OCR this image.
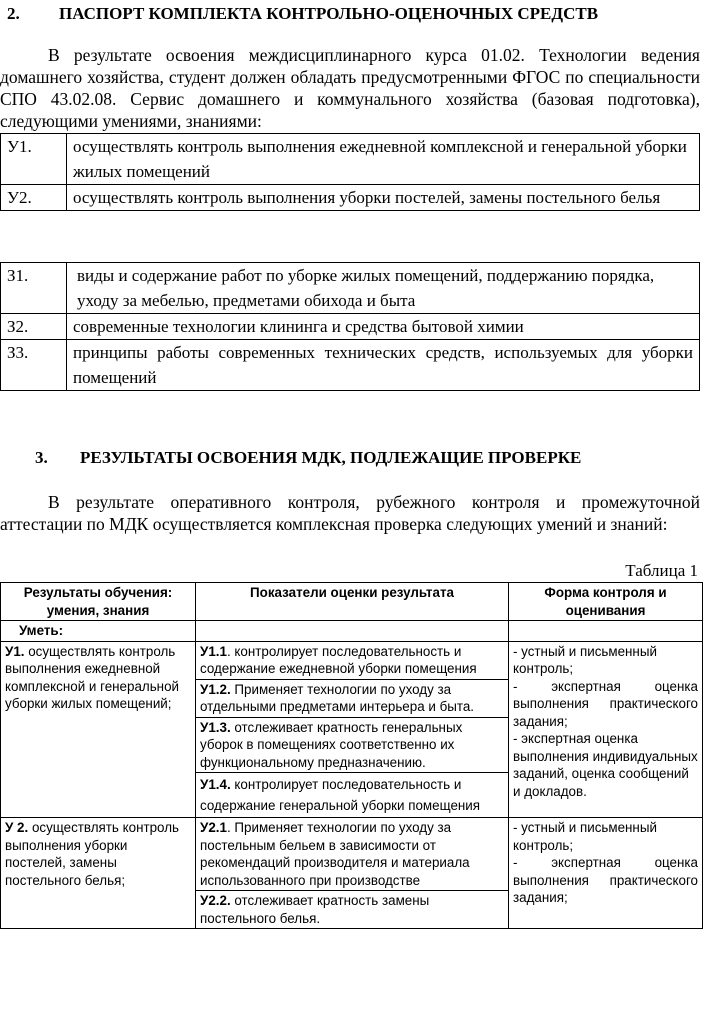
2. ПАСПОРТ КОМПЛЕКТА КОНТРОЛЬНО-ОЦЕНОЧНЫХ СРЕДСТВ
В результате освоения междисциплинарного курса 01.02. Технологии ведения домашнего хозяйства, студент должен обладать предусмотренными ФГОС по специальности СПО 43.02.08. Сервис домашнего и коммунального хозяйства (базовая подготовка), следующими умениями, знаниями:
У1.	осуществлять контроль выполнения ежедневной комплексной и генеральной уборки жилых помещений
У2.	осуществлять контроль выполнения уборки постелей, замены постельного белья
З1.	виды и содержание работ по уборке жилых помещений, поддержанию порядка, уходу за мебелью, предметами обихода и быта
З2.	современные технологии клининга и средства бытовой химии
З3.	принципы работы современных технических средств, используемых для уборки помещений
3. РЕЗУЛЬТАТЫ ОСВОЕНИЯ МДК, ПОДЛЕЖАЩИЕ ПРОВЕРКЕ
В результате оперативного контроля, рубежного контроля и промежуточной аттестации по МДК осуществляется комплексная проверка следующих умений и знаний:
Таблица 1
Результаты обучения: умения, знания	Показатели оценки результата	Форма контроля и оценивания
Уметь:		
У1. осуществлять контроль выполнения ежедневной комплексной и генеральной уборки жилых помещений;	У1.1. контролирует последовательность и содержание ежедневной уборки помещения	- устный и письменный контроль;
- экспертная оценка выполнения практического задания;
- экспертная оценка выполнения индивидуальных заданий, оценка сообщений и докладов.

	У1.2. Применяет технологии по уходу за отдельными предметами интерьера и быта.	
	У1.3. отслеживает кратность генеральных уборок в помещениях соответственно их функциональному предназначению.	
	У1.4. контролирует последовательность и содержание генеральной уборки помещения	
У 2. осуществлять контроль выполнения уборки постелей, замены постельного белья;	У2.1. Применяет технологии по уходу за постельным бельем в зависимости от рекомендаций производителя и материала использованного при производстве	- устный и письменный контроль;
- экспертная оценка выполнения практического задания;

	У2.2. отслеживает кратность замены постельного белья.	
